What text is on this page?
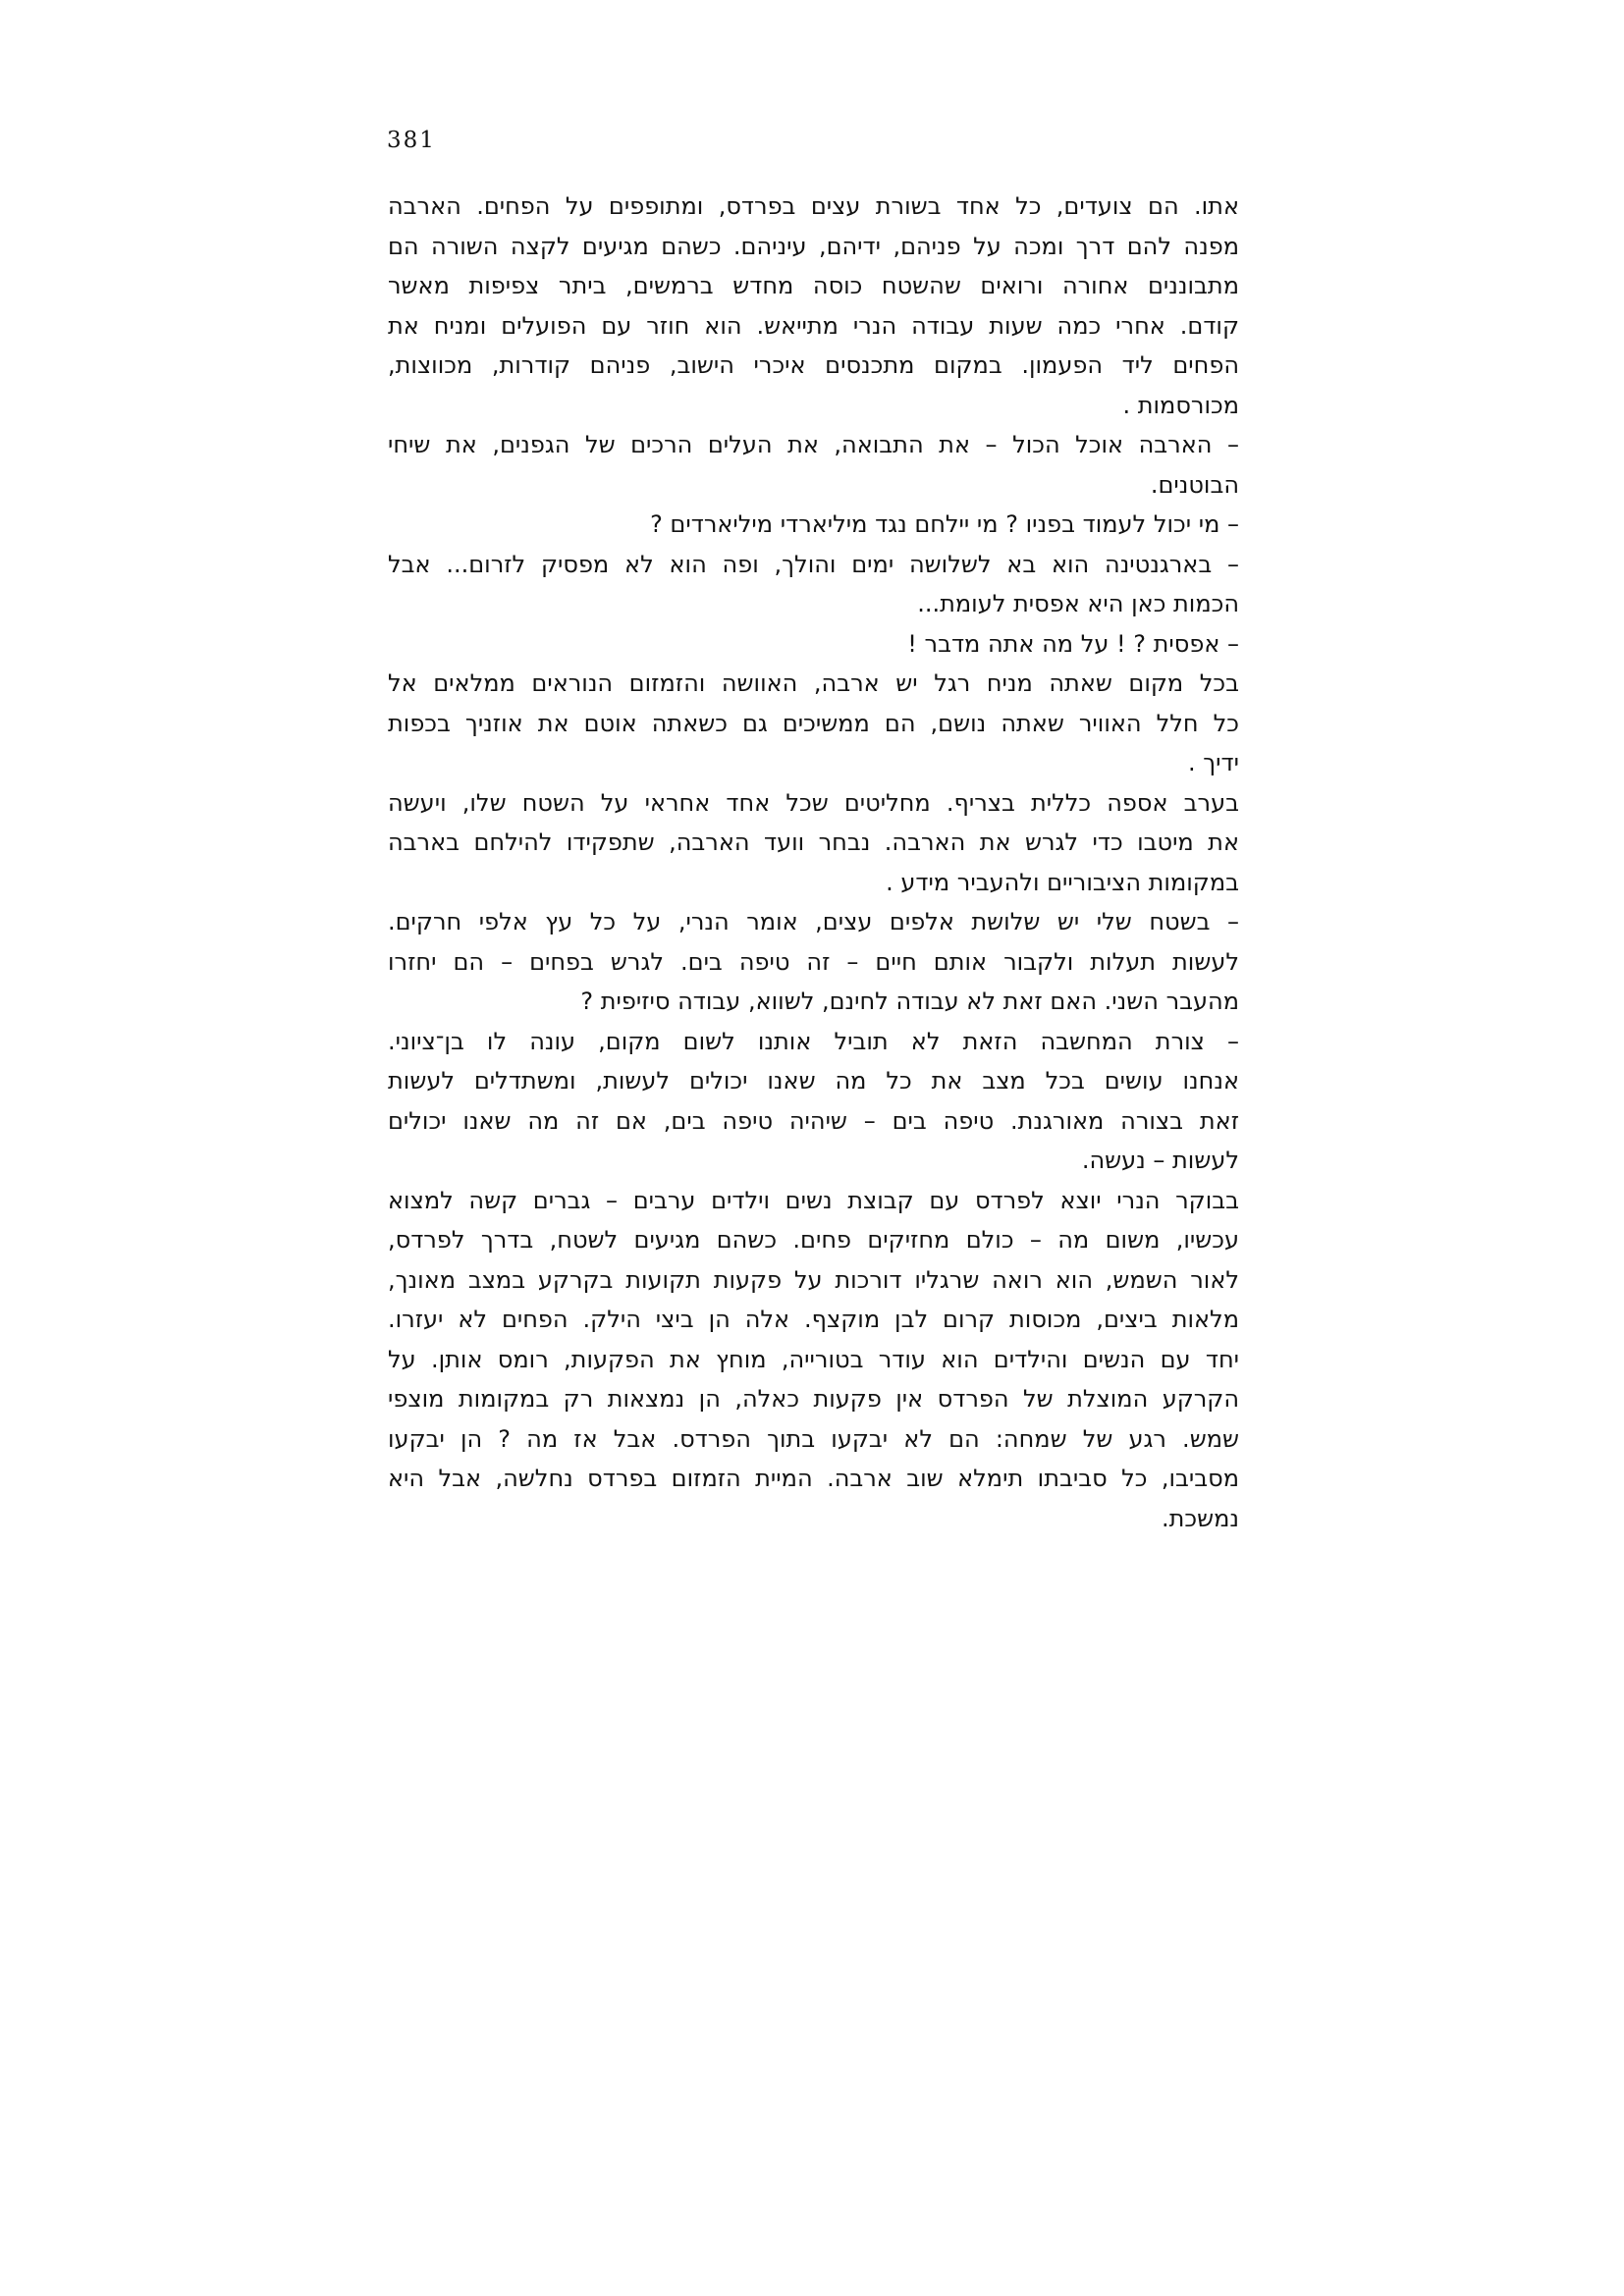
381
אתו. הם צועדים, כל אחד בשורת עצים בפרדס, ומתופפים על הפחים. הארבה
מפנה להם דרך ומכה על פניהם, ידיהם, עיניהם. כשהם מגיעים לקצה השורה הם
מתבוננים אחורה ורואים שהשטח כוסה מחדש ברמשים, ביתר צפיפות מאשר
קודם. אחרי כמה שעות עבודה הנרי מתייאש. הוא חוזר עם הפועלים ומניח את
הפחים ליד הפעמון. במקום מתכנסים איכרי הישוב, פניהם קודרות, מכווצות,
מכורסמות .
– הארבה אוכל הכול – את התבואה, את העלים הרכים של הגפנים, את שיחי
הבוטנים.
– מי יכול לעמוד בפניו ? מי יילחם נגד מיליארדי מיליארדים ?
– בארגנטינה הוא בא לשלושה ימים והולך, ופה הוא לא מפסיק לזרום... אבל
הכמות כאן היא אפסית לעומת...
– אפסית ? ! על מה אתה מדבר !
בכל מקום שאתה מניח רגל יש ארבה, האוושה והזמזום הנוראים ממלאים אל
כל חלל האוויר שאתה נושם, הם ממשיכים גם כשאתה אוטם את אוזניך בכפות
ידיך .
בערב אספה כללית בצריף. מחליטים שכל אחד אחראי על השטח שלו, ויעשה
את מיטבו כדי לגרש את הארבה. נבחר וועד הארבה, שתפקידו להילחם בארבה
במקומות הציבוריים ולהעביר מידע .
– בשטח שלי יש שלושת אלפים עצים, אומר הנרי, על כל עץ אלפי חרקים.
לעשות תעלות ולקבור אותם חיים – זה טיפה בים. לגרש בפחים – הם יחזרו
מהעבר השני. האם זאת לא עבודה לחינם, לשווא, עבודה סיזיפית ?
– צורת המחשבה הזאת לא תוביל אותנו לשום מקום, עונה לו בן־ציוני.
אנחנו עושים בכל מצב את כל מה שאנו יכולים לעשות, ומשתדלים לעשות
זאת בצורה מאורגנת. טיפה בים – שיהיה טיפה בים, אם זה מה שאנו יכולים
לעשות – נעשה.
בבוקר הנרי יוצא לפרדס עם קבוצת נשים וילדים ערבים – גברים קשה למצוא
עכשיו, משום מה – כולם מחזיקים פחים. כשהם מגיעים לשטח, בדרך לפרדס,
לאור השמש, הוא רואה שרגליו דורכות על פקעות תקועות בקרקע במצב מאונך,
מלאות ביצים, מכוסות קרום לבן מוקצף. אלה הן ביצי הילק. הפחים לא יעזרו.
יחד עם הנשים והילדים הוא עודר בטורייה, מוחץ את הפקעות, רומס אותן. על
הקרקע המוצלת של הפרדס אין פקעות כאלה, הן נמצאות רק במקומות מוצפי
שמש. רגע של שמחה: הם לא יבקעו בתוך הפרדס. אבל אז מה ? הן יבקעו
מסביבו, כל סביבתו תימלא שוב ארבה. המיית הזמזום בפרדס נחלשה, אבל היא
נמשכת.
